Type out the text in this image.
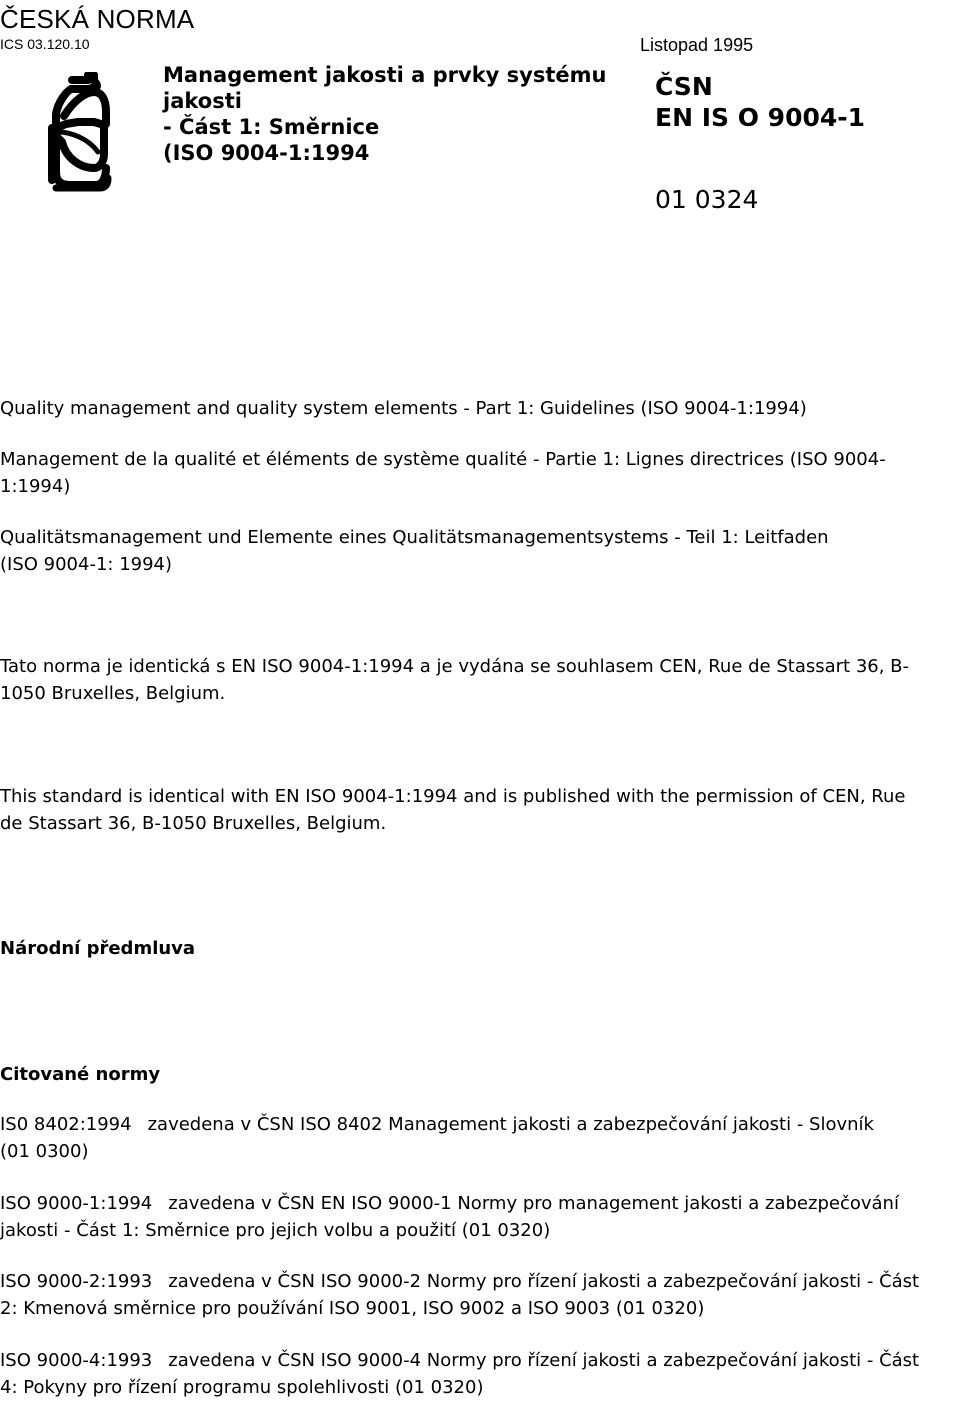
ČESKÁ NORMA
ICS 03.120.10	Listopad 1995
Management jakosti a prvky systému
jakosti
- Část 1: Směrnice
(ISO 9004-1:1994
ČSN
EN IS O 9004-1
01 0324
Quality management and quality system elements - Part 1: Guidelines (ISO 9004-1:1994)
Management de la qualité et éléments de système qualité - Partie 1: Lignes directrices (ISO 9004-
1:1994)
Qualitätsmanagement und Elemente eines Qualitätsmanagementsystems - Teil 1: Leitfaden
(ISO 9004-1: 1994)
Tato norma je identická s EN ISO 9004-1:1994 a je vydána se souhlasem CEN, Rue de Stassart 36, B-
1050 Bruxelles, Belgium.
This standard is identical with EN ISO 9004-1:1994 and is published with the permission of CEN, Rue
de Stassart 36, B-1050 Bruxelles, Belgium.
Národní předmluva
Citované normy
IS0 8402:1994 zavedena v ČSN ISO 8402 Management jakosti a zabezpečování jakosti - Slovník
(01 0300)
ISO 9000-1:1994 zavedena v ČSN EN ISO 9000-1 Normy pro management jakosti a zabezpečování
jakosti - Část 1: Směrnice pro jejich volbu a použití (01 0320)
ISO 9000-2:1993 zavedena v ČSN ISO 9000-2 Normy pro řízení jakosti a zabezpečování jakosti - Část
2: Kmenová směrnice pro používání ISO 9001, ISO 9002 a ISO 9003 (01 0320)
ISO 9000-4:1993 zavedena v ČSN ISO 9000-4 Normy pro řízení jakosti a zabezpečování jakosti - Část
4: Pokyny pro řízení programu spolehlivosti (01 0320)
